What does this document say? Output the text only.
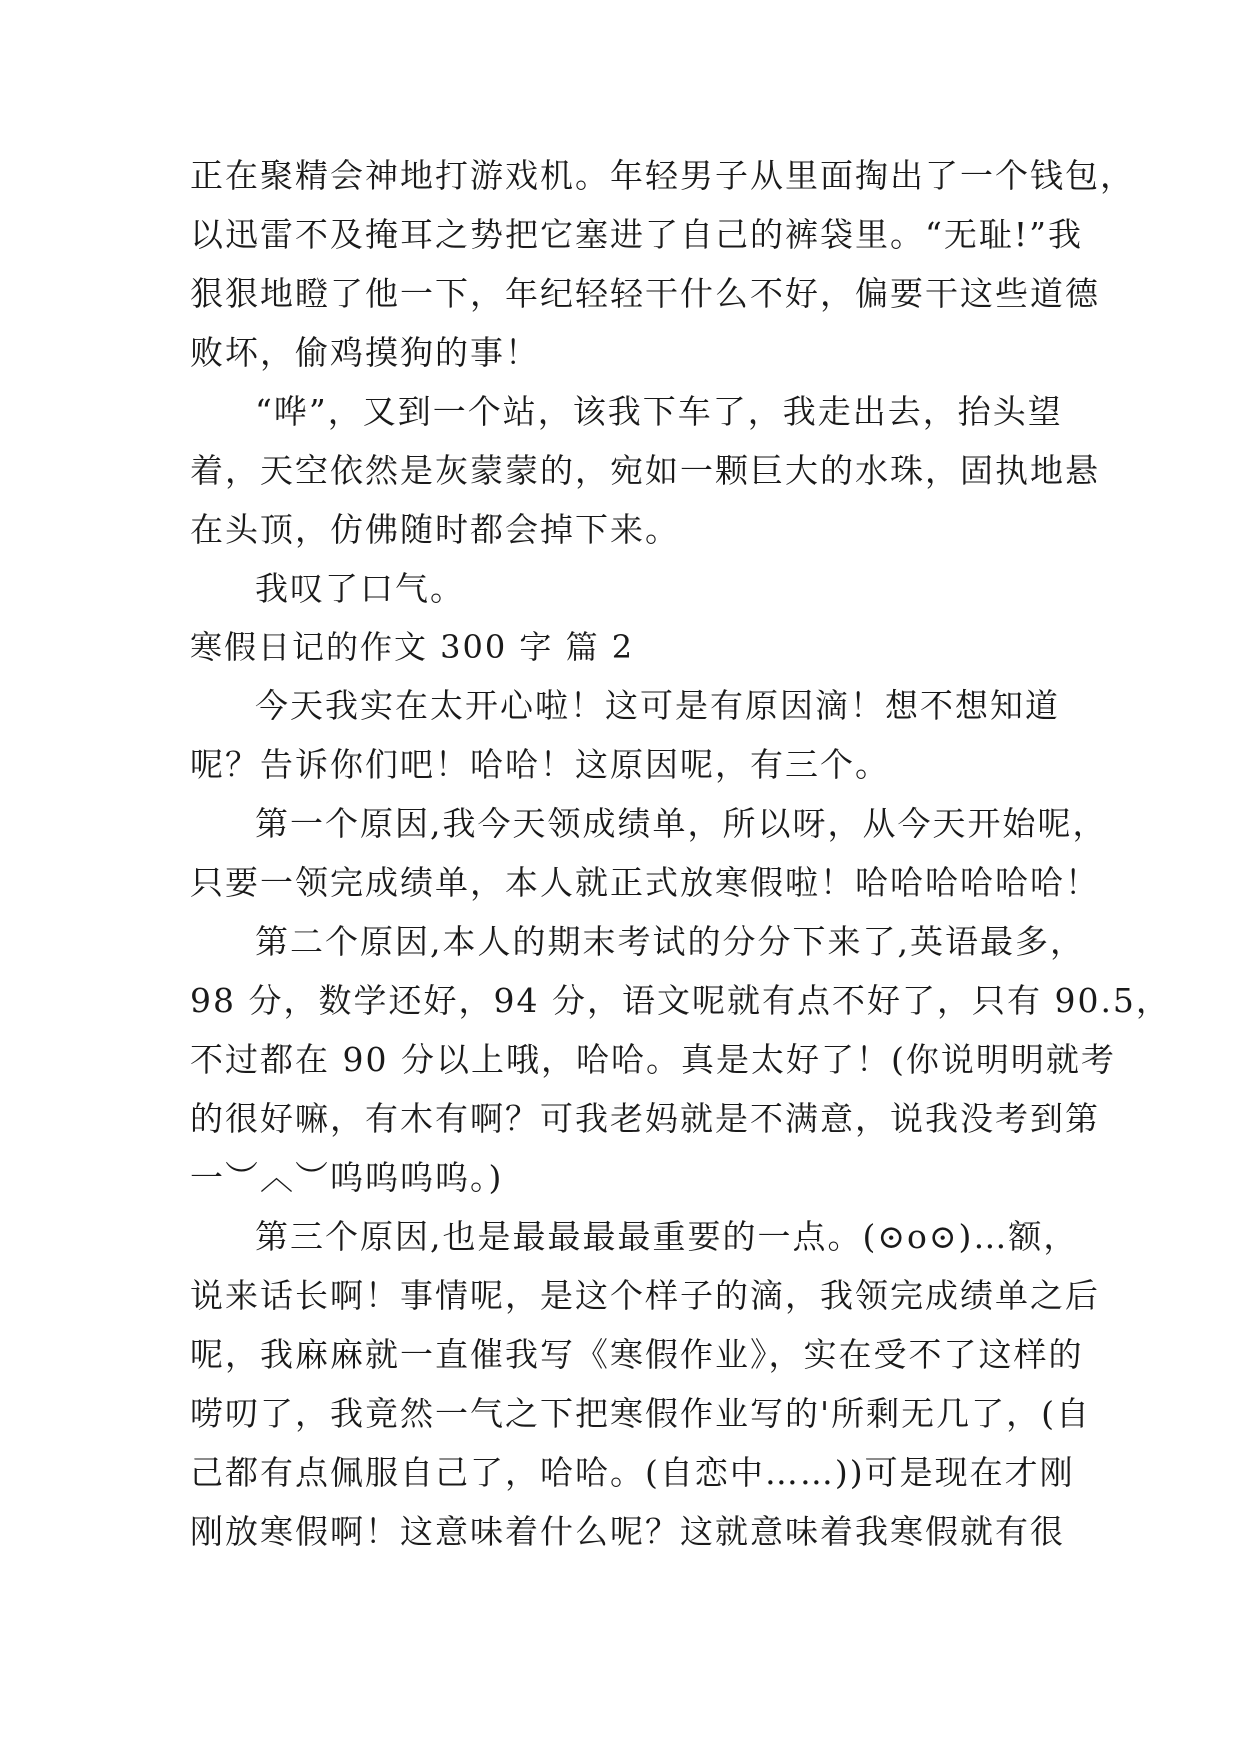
正在聚精会神地打游戏机。年轻男子从里面掏出了一个钱包，
以迅雷不及掩耳之势把它塞进了自己的裤袋里。“无耻!”我
狠狠地瞪了他一下，年纪轻轻干什么不好，偏要干这些道德
败坏，偷鸡摸狗的事！
“哗”，又到一个站，该我下车了，我走出去，抬头望
着，天空依然是灰蒙蒙的，宛如一颗巨大的水珠，固执地悬
在头顶，仿佛随时都会掉下来。
我叹了口气。
寒假日记的作文 300 字 篇 2
今天我实在太开心啦！这可是有原因滴！想不想知道
呢？告诉你们吧！哈哈！这原因呢，有三个。
第一个原因,我今天领成绩单，所以呀，从今天开始呢，
只要一领完成绩单，本人就正式放寒假啦！哈哈哈哈哈哈！
第二个原因,本人的期末考试的分分下来了,英语最多，
98 分，数学还好，94 分，语文呢就有点不好了，只有 90.5，
不过都在 90 分以上哦，哈哈。真是太好了！(你说明明就考
的很好嘛，有木有啊？可我老妈就是不满意，说我没考到第
一︶︿︶呜呜呜呜。)
第三个原因,也是最最最最重要的一点。(⊙o⊙)…额，
说来话长啊！事情呢，是这个样子的滴，我领完成绩单之后
呢，我麻麻就一直催我写《寒假作业》，实在受不了这样的
唠叨了，我竟然一气之下把寒假作业写的'所剩无几了，(自
己都有点佩服自己了，哈哈。(自恋中……))可是现在才刚
刚放寒假啊！这意味着什么呢？这就意味着我寒假就有很
